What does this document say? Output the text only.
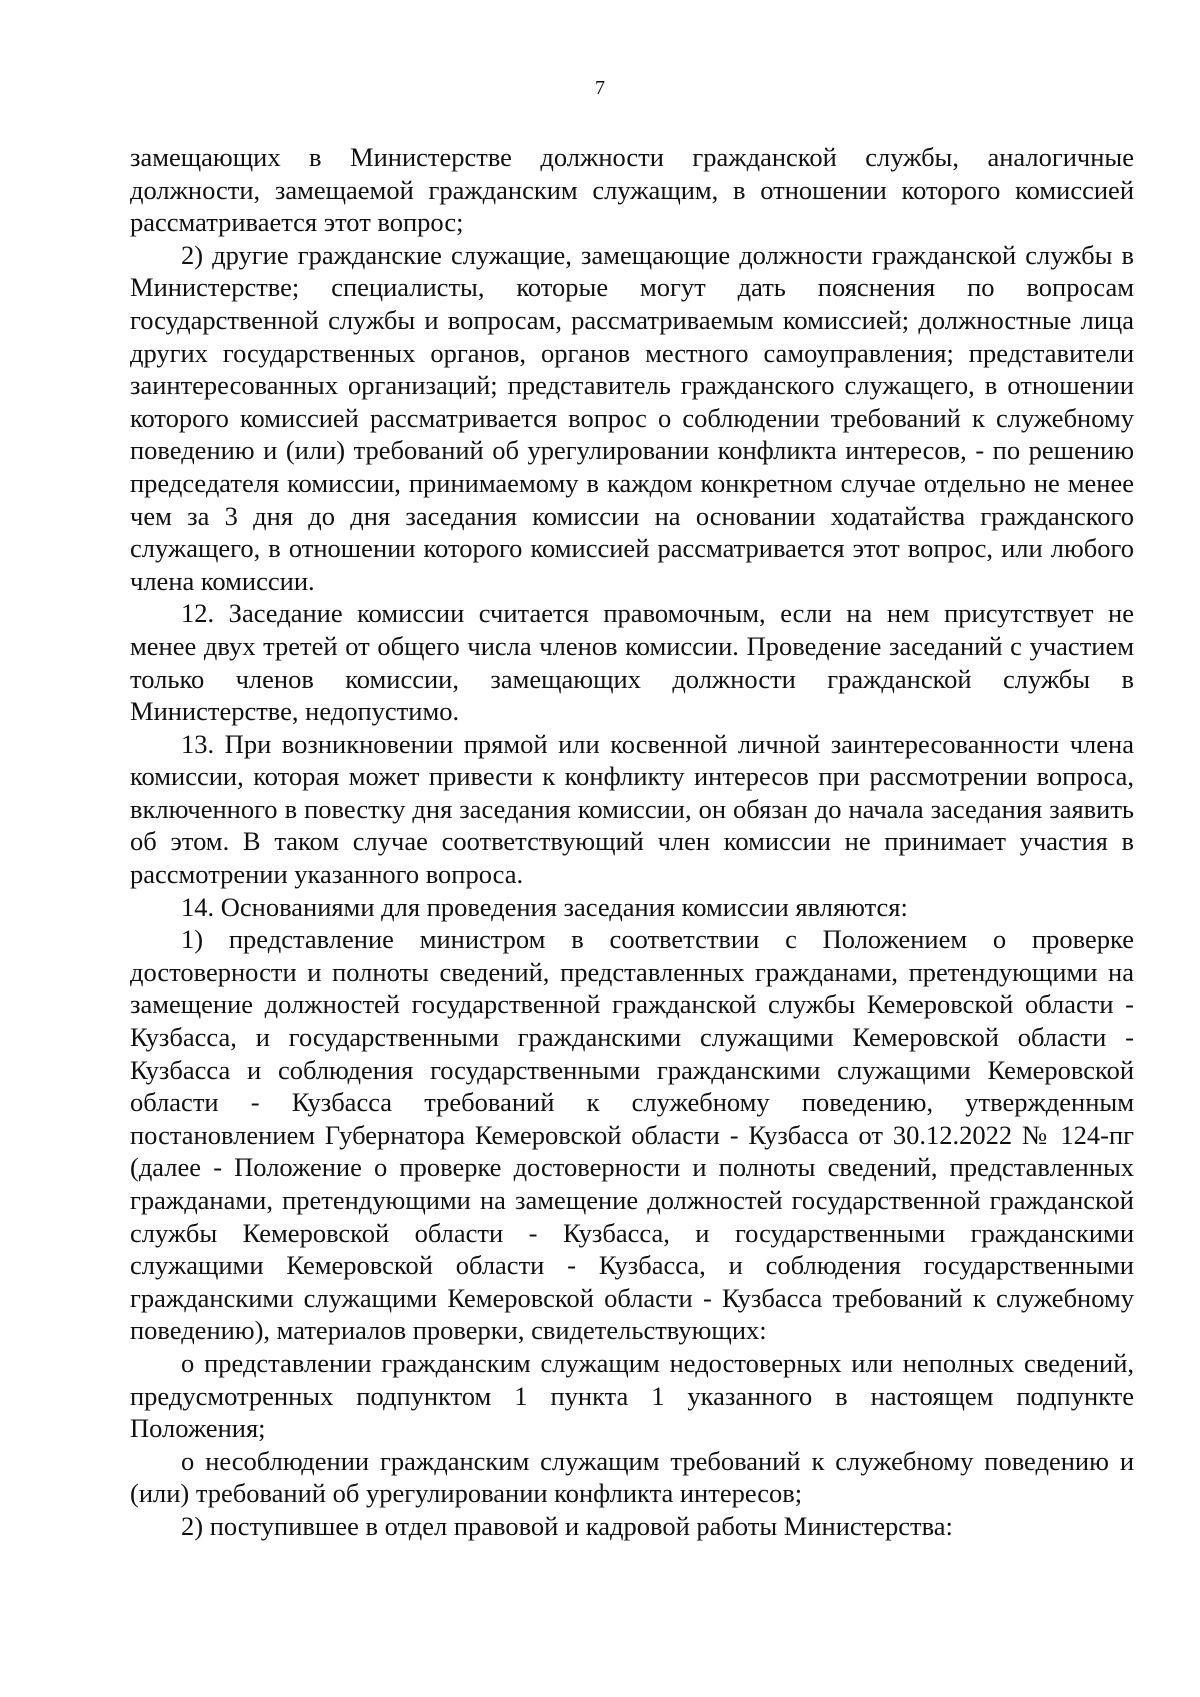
7

замещающих в Министерстве должности гражданской службы, аналогичные должности, замещаемой гражданским служащим, в отношении которого комиссией рассматривается этот вопрос;

2) другие гражданские служащие, замещающие должности гражданской службы в Министерстве; специалисты, которые могут дать пояснения по вопросам государственной службы и вопросам, рассматриваемым комиссией; должностные лица других государственных органов, органов местного самоуправления; представители заинтересованных организаций; представитель гражданского служащего, в отношении которого комиссией рассматривается вопрос о соблюдении требований к служебному поведению и (или) требований об урегулировании конфликта интересов, - по решению председателя комиссии, принимаемому в каждом конкретном случае отдельно не менее чем за 3 дня до дня заседания комиссии на основании ходатайства гражданского служащего, в отношении которого комиссией рассматривается этот вопрос, или любого члена комиссии.

12. Заседание комиссии считается правомочным, если на нем присутствует не менее двух третей от общего числа членов комиссии. Проведение заседаний с участием только членов комиссии, замещающих должности гражданской службы в Министерстве, недопустимо.

13. При возникновении прямой или косвенной личной заинтересованности члена комиссии, которая может привести к конфликту интересов при рассмотрении вопроса, включенного в повестку дня заседания комиссии, он обязан до начала заседания заявить об этом. В таком случае соответствующий член комиссии не принимает участия в рассмотрении указанного вопроса.

14. Основаниями для проведения заседания комиссии являются:

1) представление министром в соответствии с Положением о проверке достоверности и полноты сведений, представленных гражданами, претендующими на замещение должностей государственной гражданской службы Кемеровской области - Кузбасса, и государственными гражданскими служащими Кемеровской области - Кузбасса и соблюдения государственными гражданскими служащими Кемеровской области - Кузбасса требований к служебному поведению, утвержденным постановлением Губернатора Кемеровской области - Кузбасса от 30.12.2022 № 124-пг (далее - Положение о проверке достоверности и полноты сведений, представленных гражданами, претендующими на замещение должностей государственной гражданской службы Кемеровской области - Кузбасса, и государственными гражданскими служащими Кемеровской области - Кузбасса, и соблюдения государственными гражданскими служащими Кемеровской области - Кузбасса требований к служебному поведению), материалов проверки, свидетельствующих:

о представлении гражданским служащим недостоверных или неполных сведений, предусмотренных подпунктом 1 пункта 1 указанного в настоящем подпункте Положения;

о несоблюдении гражданским служащим требований к служебному поведению и (или) требований об урегулировании конфликта интересов;

2) поступившее в отдел правовой и кадровой работы Министерства:
